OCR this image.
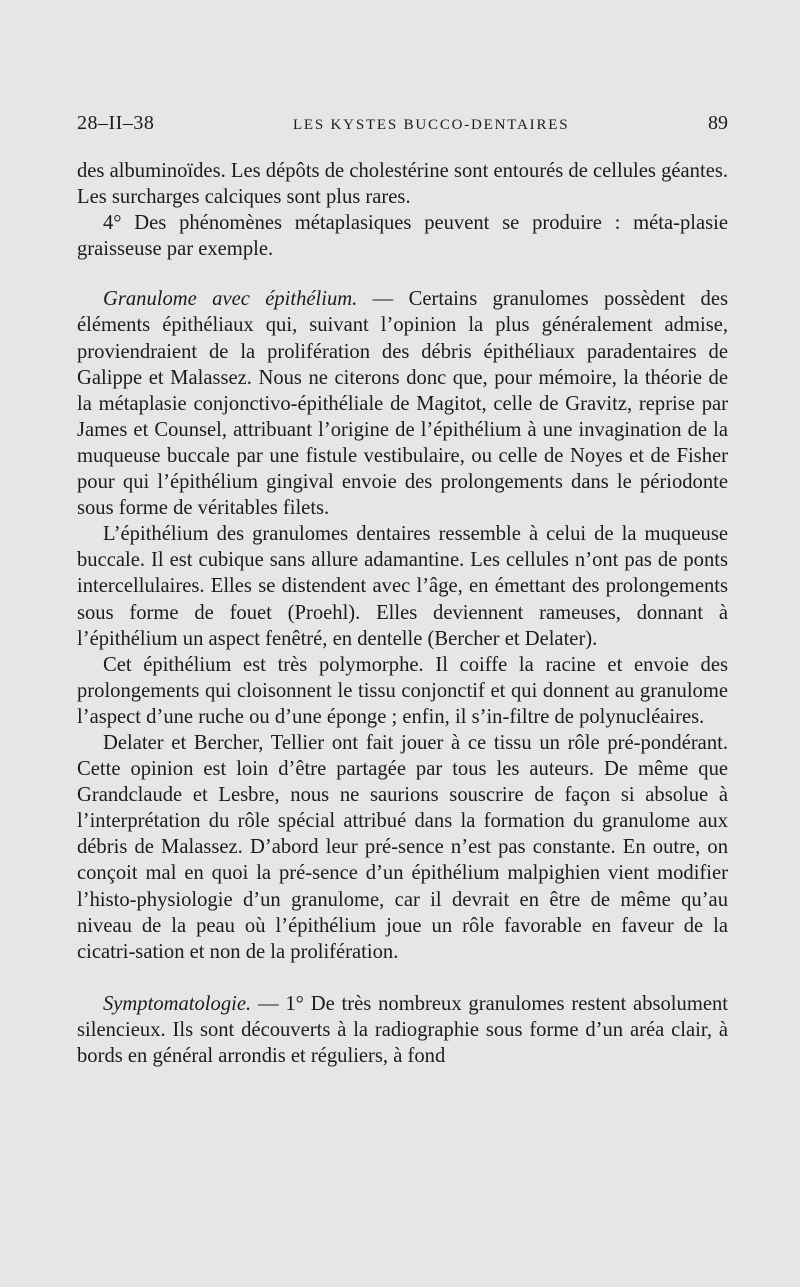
28–II–38	LES KYSTES BUCCO-DENTAIRES	89

des albuminoïdes. Les dépôts de cholestérine sont entourés de cellules géantes. Les surcharges calciques sont plus rares.

4° Des phénomènes métaplasiques peuvent se produire : méta-plasie graisseuse par exemple.

Granulome avec épithélium. — Certains granulomes possèdent des éléments épithéliaux qui, suivant l’opinion la plus généralement admise, proviendraient de la prolifération des débris épithéliaux paradentaires de Galippe et Malassez. Nous ne citerons donc que, pour mémoire, la théorie de la métaplasie conjonctivo-épithéliale de Magitot, celle de Gravitz, reprise par James et Counsel, attribuant l’origine de l’épithélium à une invagination de la muqueuse buccale par une fistule vestibulaire, ou celle de Noyes et de Fisher pour qui l’épithélium gingival envoie des prolongements dans le périodonte sous forme de véritables filets.

L’épithélium des granulomes dentaires ressemble à celui de la muqueuse buccale. Il est cubique sans allure adamantine. Les cellules n’ont pas de ponts intercellulaires. Elles se distendent avec l’âge, en émettant des prolongements sous forme de fouet (Proehl). Elles deviennent rameuses, donnant à l’épithélium un aspect fenêtré, en dentelle (Bercher et Delater).

Cet épithélium est très polymorphe. Il coiffe la racine et envoie des prolongements qui cloisonnent le tissu conjonctif et qui donnent au granulome l’aspect d’une ruche ou d’une éponge ; enfin, il s’in-filtre de polynucléaires.

Delater et Bercher, Tellier ont fait jouer à ce tissu un rôle pré-pondérant. Cette opinion est loin d’être partagée par tous les auteurs. De même que Grandclaude et Lesbre, nous ne saurions souscrire de façon si absolue à l’interprétation du rôle spécial attribué dans la formation du granulome aux débris de Malassez. D’abord leur pré-sence n’est pas constante. En outre, on conçoit mal en quoi la pré-sence d’un épithélium malpighien vient modifier l’histo-physiologie d’un granulome, car il devrait en être de même qu’au niveau de la peau où l’épithélium joue un rôle favorable en faveur de la cicatri-sation et non de la prolifération.

Symptomatologie. — 1° De très nombreux granulomes restent absolument silencieux. Ils sont découverts à la radiographie sous forme d’un aréa clair, à bords en général arrondis et réguliers, à fond
